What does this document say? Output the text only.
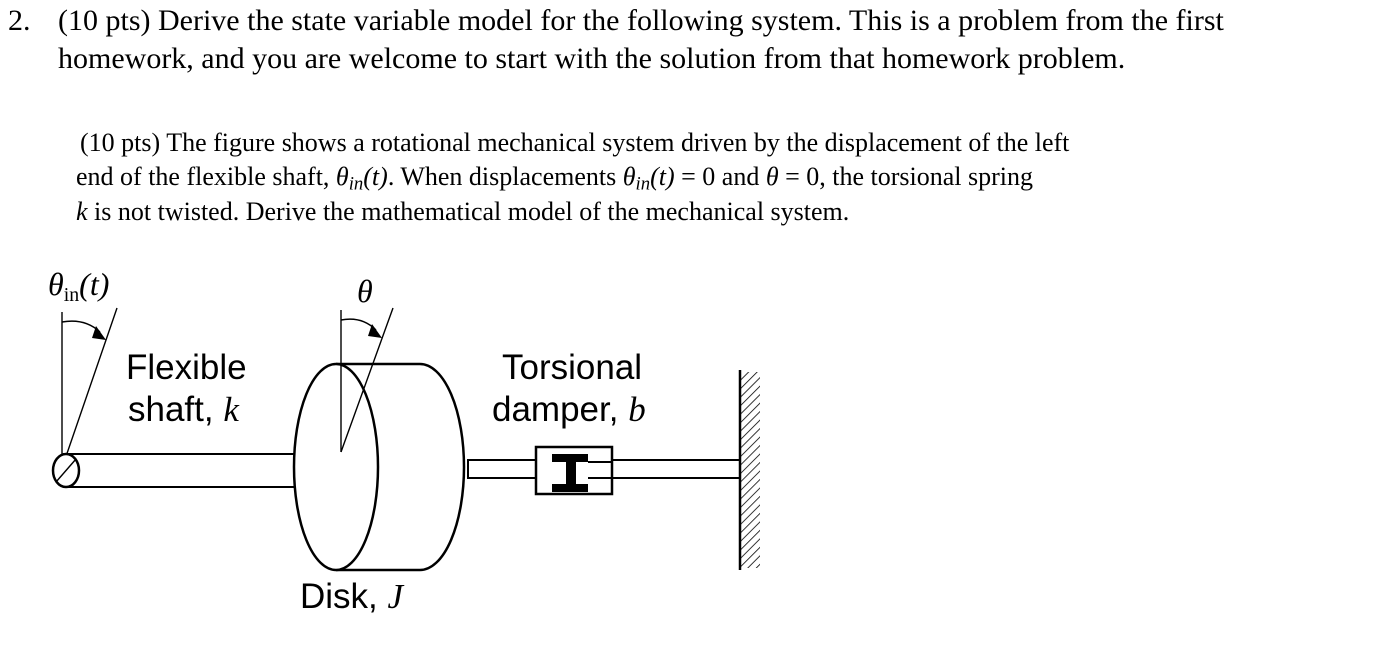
2. (10 pts) Derive the state variable model for the following system. This is a problem from the first
homework, and you are welcome to start with the solution from that homework problem.
(10 pts) The figure shows a rotational mechanical system driven by the displacement of the left
end of the flexible shaft, θin(t). When displacements θin(t) = 0 and θ = 0, the torsional spring
k is not twisted. Derive the mathematical model of the mechanical system.
θin(t)	θ
Flexible
shaft, k
Torsional
damper, b
Disk, J
